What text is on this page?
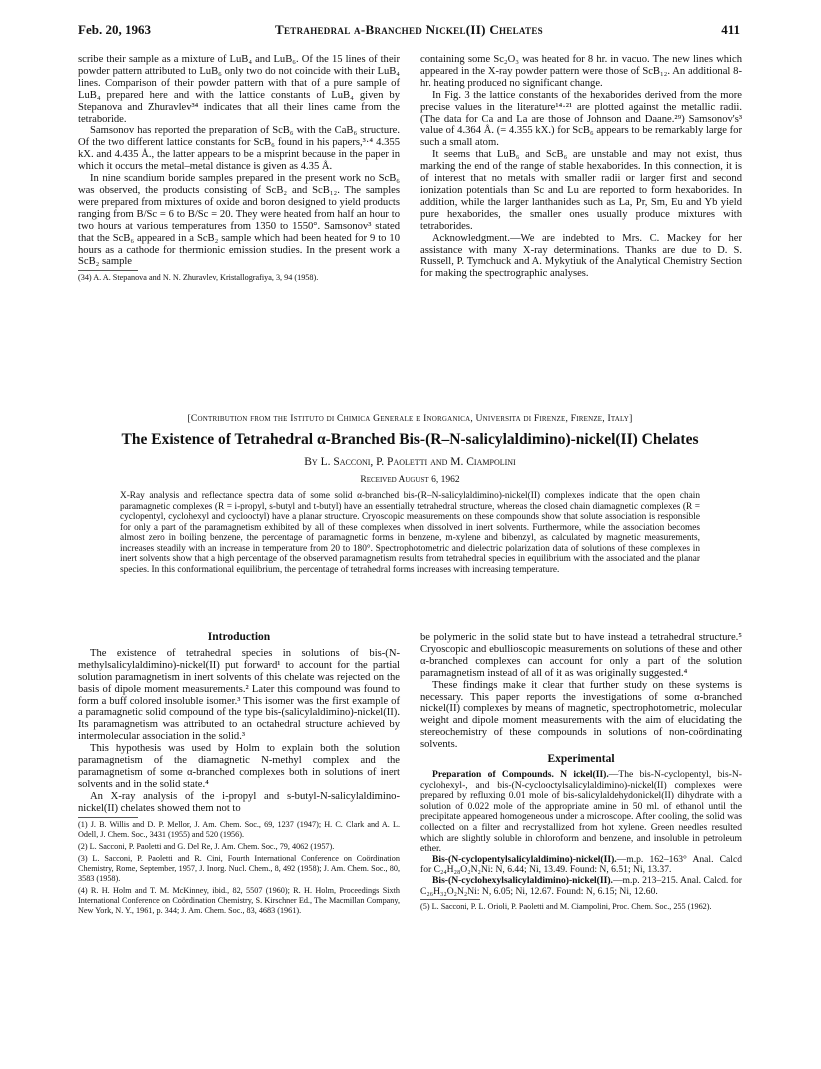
Feb. 20, 1963	Tetrahedral α-Branched Nickel(II) Chelates	411

scribe their sample as a mixture of LuB₄ and LuB₆. Of the 15 lines of their powder pattern attributed to LuB₆ only two do not coincide with their LuB₄ lines. Comparison of their powder pattern with that of a pure sample of LuB₄ prepared here and with the lattice constants of LuB₄ given by Stepanova and Zhuravlev³⁴ indicates that all their lines came from the tetraboride.

Samsonov has reported the preparation of ScB₆ with the CaB₆ structure. Of the two different lattice constants for ScB₆ found in his papers,³·⁴ 4.355 kX. and 4.435 Å., the latter appears to be a misprint because in the paper in which it occurs the metal–metal distance is given as 4.35 Å.

In nine scandium boride samples prepared in the present work no ScB₆ was observed, the products consisting of ScB₂ and ScB₁₂. The samples were prepared from mixtures of oxide and boron designed to yield products ranging from B/Sc = 6 to B/Sc = 20. They were heated from half an hour to two hours at various temperatures from 1350 to 1550°. Samsonov³ stated that the ScB₆ appeared in a ScB₂ sample which had been heated for 9 to 10 hours as a cathode for thermionic emission studies. In the present work a ScB₂ sample

(34) A. A. Stepanova and N. N. Zhuravlev, Kristallografiya, 3, 94 (1958).

containing some Sc₂O₃ was heated for 8 hr. in vacuo. The new lines which appeared in the X-ray powder pattern were those of ScB₁₂. An additional 8-hr. heating produced no significant change.

In Fig. 3 the lattice constants of the hexaborides derived from the more precise values in the literature¹⁴·²¹ are plotted against the metallic radii. (The data for Ca and La are those of Johnson and Daane.²⁹) Samsonov's³ value of 4.364 Å. (= 4.355 kX.) for ScB₆ appears to be remarkably large for such a small atom.

It seems that LuB₆ and ScB₆ are unstable and may not exist, thus marking the end of the range of stable hexaborides. In this connection, it is of interest that no metals with smaller radii or larger first and second ionization potentials than Sc and Lu are reported to form hexaborides. In addition, while the larger lanthanides such as La, Pr, Sm, Eu and Yb yield pure hexaborides, the smaller ones usually produce mixtures with tetraborides.

Acknowledgment.—We are indebted to Mrs. C. Mackey for her assistance with many X-ray determinations. Thanks are due to D. S. Russell, P. Tymchuck and A. Mykytiuk of the Analytical Chemistry Section for making the spectrographic analyses.

[Contribution from the Istituto di Chimica Generale e Inorganica, Universita di Firenze, Firenze, Italy]
The Existence of Tetrahedral α-Branched Bis-(R–N-salicylaldimino)-nickel(II) Chelates
By L. Sacconi, P. Paoletti and M. Ciampolini
Received August 6, 1962
X-Ray analysis and reflectance spectra data of some solid α-branched bis-(R–N-salicylaldimino)-nickel(II) complexes indicate that the open chain paramagnetic complexes (R = i-propyl, s-butyl and t-butyl) have an essentially tetrahedral structure, whereas the closed chain diamagnetic complexes (R = cyclopentyl, cyclohexyl and cyclooctyl) have a planar structure. Cryoscopic measurements on these compounds show that solute association is responsible for only a part of the paramagnetism exhibited by all of these complexes when dissolved in inert solvents. Furthermore, while the association becomes almost zero in boiling benzene, the percentage of paramagnetic forms in benzene, m-xylene and bibenzyl, as calculated by magnetic measurements, increases steadily with an increase in temperature from 20 to 180°. Spectrophotometric and dielectric polarization data of solutions of these complexes in inert solvents show that a high percentage of the observed paramagnetism results from tetrahedral species in equilibrium with the associated and the planar species. In this conformational equilibrium, the percentage of tetrahedral forms increases with increasing temperature.
Introduction

The existence of tetrahedral species in solutions of bis-(N-methylsalicylaldimino)-nickel(II) put forward¹ to account for the partial solution paramagnetism in inert solvents of this chelate was rejected on the basis of dipole moment measurements.² Later this compound was found to form a buff colored insoluble isomer.³ This isomer was the first example of a paramagnetic solid compound of the type bis-(salicylaldimino)-nickel(II). Its paramagnetism was attributed to an octahedral structure achieved by intermolecular association in the solid.³

This hypothesis was used by Holm to explain both the solution paramagnetism of the diamagnetic N-methyl complex and the paramagnetism of some α-branched complexes both in solutions of inert solvents and in the solid state.⁴

An X-ray analysis of the i-propyl and s-butyl-N-salicylaldimino-nickel(II) chelates showed them not to

(1) J. B. Willis and D. P. Mellor, J. Am. Chem. Soc., 69, 1237 (1947); H. C. Clark and A. L. Odell, J. Chem. Soc., 3431 (1955) and 520 (1956).
(2) L. Sacconi, P. Paoletti and G. Del Re, J. Am. Chem. Soc., 79, 4062 (1957).
(3) L. Sacconi, P. Paoletti and R. Cini, Fourth International Conference on Coördination Chemistry, Rome, September, 1957, J. Inorg. Nucl. Chem., 8, 492 (1958); J. Am. Chem. Soc., 80, 3583 (1958).
(4) R. H. Holm and T. M. McKinney, ibid., 82, 5507 (1960); R. H. Holm, Proceedings Sixth International Conference on Coördination Chemistry, S. Kirschner Ed., The Macmillan Company, New York, N. Y., 1961, p. 344; J. Am. Chem. Soc., 83, 4683 (1961).

be polymeric in the solid state but to have instead a tetrahedral structure.⁵ Cryoscopic and ebullioscopic measurements on solutions of these and other α-branched complexes can account for only a part of the solution paramagnetism instead of all of it as was originally suggested.⁴

These findings make it clear that further study on these systems is necessary. This paper reports the investigations of some α-branched nickel(II) complexes by means of magnetic, spectrophotometric, molecular weight and dipole moment measurements with the aim of elucidating the stereochemistry of these compounds in solutions of non-coördinating solvents.

Experimental

Preparation of Compounds. N ickel(II).—The bis-N-cyclopentyl, bis-N-cyclohexyl-, and bis-(N-cyclooctylsalicylaldimino)-nickel(II) complexes were prepared by refluxing 0.01 mole of bis-salicylaldehydonickel(II) dihydrate with a solution of 0.022 mole of the appropriate amine in 50 ml. of ethanol until the precipitate appeared homogeneous under a microscope. After cooling, the solid was collected on a filter and recrystallized from hot xylene. Green needles resulted which are slightly soluble in chloroform and benzene, and insoluble in petroleum ether.

Bis-(N-cyclopentylsalicylaldimino)-nickel(II).—m.p. 162–163° Anal. Calcd for C₂₄H₂₈O₂N₂Ni: N, 6.44; Ni, 13.49. Found: N, 6.51; Ni, 13.37.

Bis-(N-cyclohexylsalicylaldimino)-nickel(II).—m.p. 213–215. Anal. Calcd. for C₂₆H₃₂O₂N₂Ni: N, 6.05; Ni, 12.67. Found: N, 6.15; Ni, 12.60.

(5) L. Sacconi, P. L. Orioli, P. Paoletti and M. Ciampolini, Proc. Chem. Soc., 255 (1962).
